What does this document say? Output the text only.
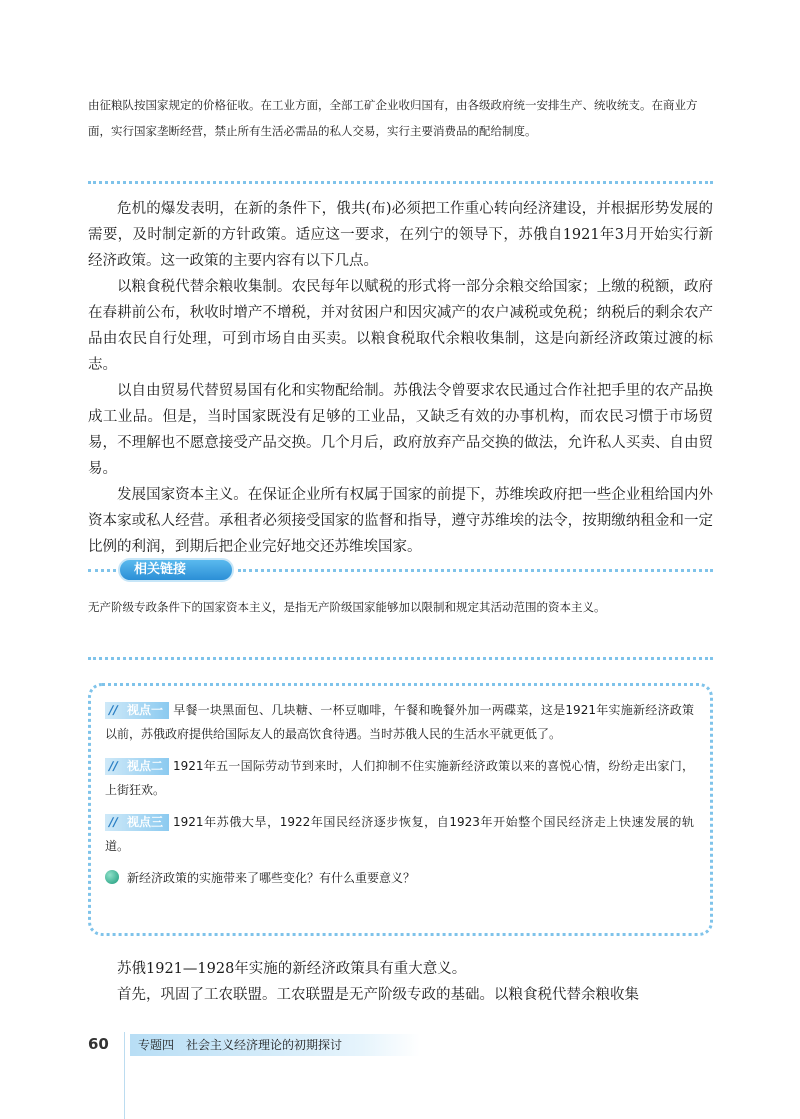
由征粮队按国家规定的价格征收。在工业方面，全部工矿企业收归国有，由各级政府统一安排生产、统收统支。在商业方面，实行国家垄断经营，禁止所有生活必需品的私人交易，实行主要消费品的配给制度。

危机的爆发表明，在新的条件下，俄共(布)必须把工作重心转向经济建设，并根据形势发展的需要，及时制定新的方针政策。适应这一要求，在列宁的领导下，苏俄自1921年3月开始实行新经济政策。这一政策的主要内容有以下几点。

以粮食税代替余粮收集制。农民每年以赋税的形式将一部分余粮交给国家；上缴的税额，政府在春耕前公布，秋收时增产不增税，并对贫困户和因灾减产的农户减税或免税；纳税后的剩余农产品由农民自行处理，可到市场自由买卖。以粮食税取代余粮收集制，这是向新经济政策过渡的标志。

以自由贸易代替贸易国有化和实物配给制。苏俄法令曾要求农民通过合作社把手里的农产品换成工业品。但是，当时国家既没有足够的工业品，又缺乏有效的办事机构，而农民习惯于市场贸易，不理解也不愿意接受产品交换。几个月后，政府放弃产品交换的做法，允许私人买卖、自由贸易。

发展国家资本主义。在保证企业所有权属于国家的前提下，苏维埃政府把一些企业租给国内外资本家或私人经营。承租者必须接受国家的监督和指导，遵守苏维埃的法令，按期缴纳租金和一定比例的利润，到期后把企业完好地交还苏维埃国家。

相关链接
无产阶级专政条件下的国家资本主义，是指无产阶级国家能够加以限制和规定其活动范围的资本主义。
∕∕ 视点一 早餐一块黑面包、几块糖、一杯豆咖啡，午餐和晚餐外加一两碟菜，这是1921年实施新经济政策以前，苏俄政府提供给国际友人的最高饮食待遇。当时苏俄人民的生活水平就更低了。
∕∕ 视点二 1921年五一国际劳动节到来时，人们抑制不住实施新经济政策以来的喜悦心情，纷纷走出家门，上街狂欢。
∕∕ 视点三 1921年苏俄大旱，1922年国民经济逐步恢复，自1923年开始整个国民经济走上快速发展的轨道。
新经济政策的实施带来了哪些变化？有什么重要意义？

苏俄1921—1928年实施的新经济政策具有重大意义。

首先，巩固了工农联盟。工农联盟是无产阶级专政的基础。以粮食税代替余粮收集

60 专题四　社会主义经济理论的初期探讨
